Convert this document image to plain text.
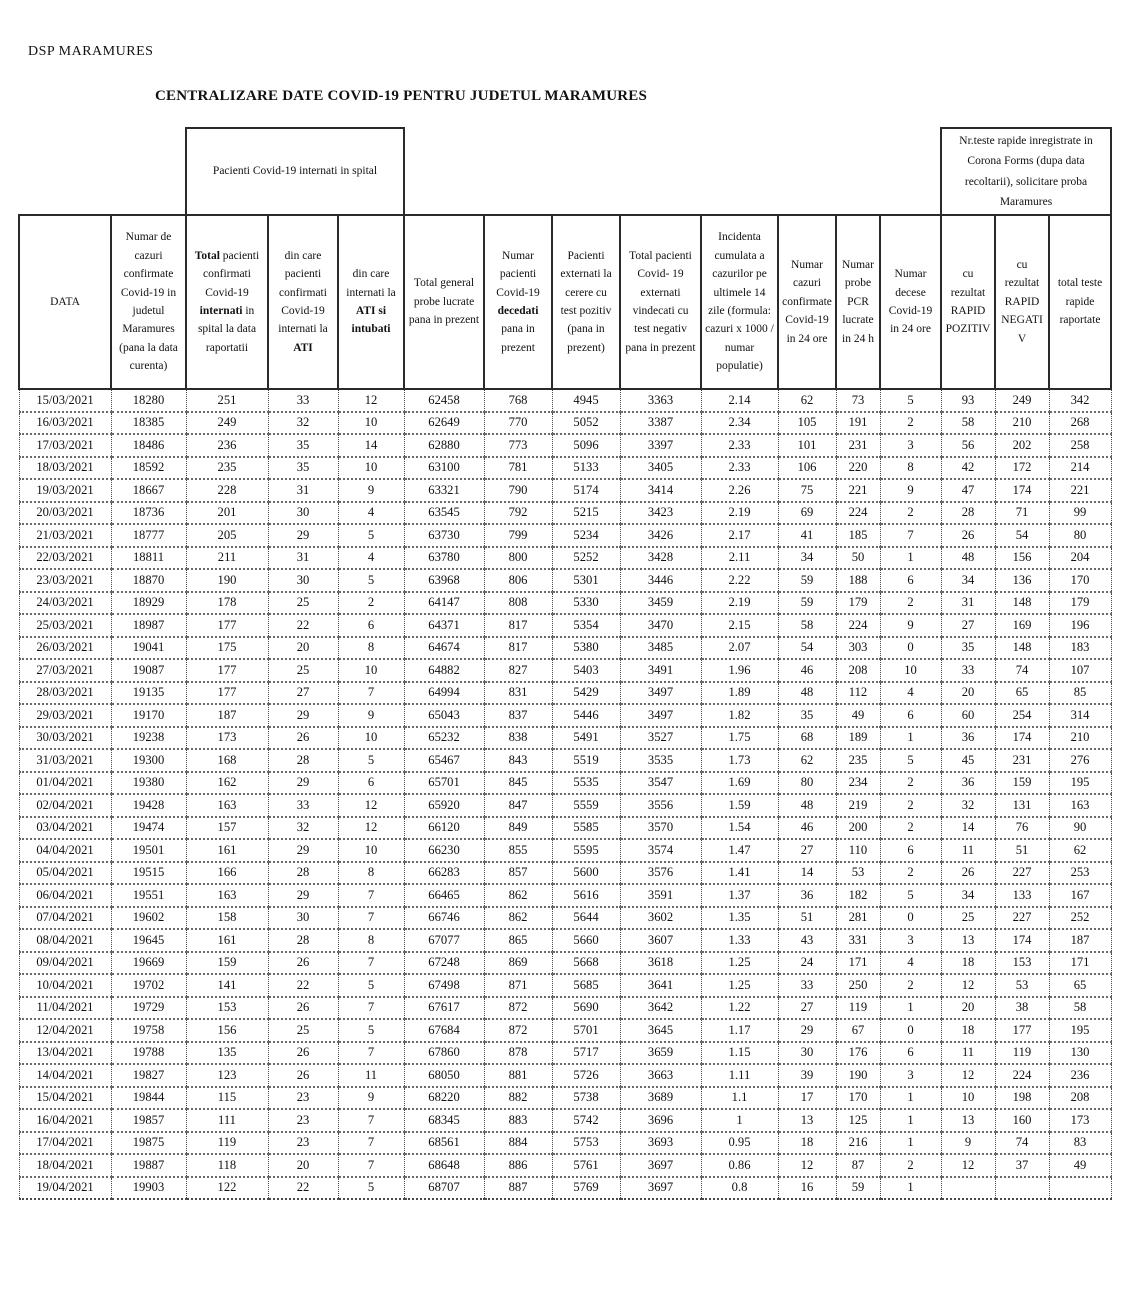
DSP MARAMURES
CENTRALIZARE DATE COVID-19 PENTRU JUDETUL MARAMURES
		Pacienti Covid-19 internati in spital											Nr.teste rapide inregistrate in Corona Forms (dupa data recoltarii), solicitare proba Maramures		
DATA	Numar de cazuri confirmate Covid-19 in judetul Maramures (pana la data curenta)	Total pacienti confirmati Covid-19 internati in spital la data raportatii	din care pacienti confirmati Covid-19 internati la ATI	din care internati la ATI si intubati	Total general probe lucrate pana in prezent	Numar pacienti Covid-19 decedati pana in prezent	Pacienti externati la cerere cu test pozitiv (pana in prezent)	Total pacienti Covid- 19 externati vindecati cu test negativ pana in prezent	Incidenta cumulata a cazurilor pe ultimele 14 zile (formula: cazuri x 1000 / numar populatie)	Numar cazuri confirmate Covid-19 in 24 ore	Numar probe PCR lucrate in 24 h	Numar decese Covid-19 in 24 ore	cu rezultat RAPID POZITIV	cu rezultat RAPID NEGATIV	total teste rapide raportate
15/03/2021	18280	251	33	12	62458	768	4945	3363	2.14	62	73	5	93	249	342
16/03/2021	18385	249	32	10	62649	770	5052	3387	2.34	105	191	2	58	210	268
17/03/2021	18486	236	35	14	62880	773	5096	3397	2.33	101	231	3	56	202	258
18/03/2021	18592	235	35	10	63100	781	5133	3405	2.33	106	220	8	42	172	214
19/03/2021	18667	228	31	9	63321	790	5174	3414	2.26	75	221	9	47	174	221
20/03/2021	18736	201	30	4	63545	792	5215	3423	2.19	69	224	2	28	71	99
21/03/2021	18777	205	29	5	63730	799	5234	3426	2.17	41	185	7	26	54	80
22/03/2021	18811	211	31	4	63780	800	5252	3428	2.11	34	50	1	48	156	204
23/03/2021	18870	190	30	5	63968	806	5301	3446	2.22	59	188	6	34	136	170
24/03/2021	18929	178	25	2	64147	808	5330	3459	2.19	59	179	2	31	148	179
25/03/2021	18987	177	22	6	64371	817	5354	3470	2.15	58	224	9	27	169	196
26/03/2021	19041	175	20	8	64674	817	5380	3485	2.07	54	303	0	35	148	183
27/03/2021	19087	177	25	10	64882	827	5403	3491	1.96	46	208	10	33	74	107
28/03/2021	19135	177	27	7	64994	831	5429	3497	1.89	48	112	4	20	65	85
29/03/2021	19170	187	29	9	65043	837	5446	3497	1.82	35	49	6	60	254	314
30/03/2021	19238	173	26	10	65232	838	5491	3527	1.75	68	189	1	36	174	210
31/03/2021	19300	168	28	5	65467	843	5519	3535	1.73	62	235	5	45	231	276
01/04/2021	19380	162	29	6	65701	845	5535	3547	1.69	80	234	2	36	159	195
02/04/2021	19428	163	33	12	65920	847	5559	3556	1.59	48	219	2	32	131	163
03/04/2021	19474	157	32	12	66120	849	5585	3570	1.54	46	200	2	14	76	90
04/04/2021	19501	161	29	10	66230	855	5595	3574	1.47	27	110	6	11	51	62
05/04/2021	19515	166	28	8	66283	857	5600	3576	1.41	14	53	2	26	227	253
06/04/2021	19551	163	29	7	66465	862	5616	3591	1.37	36	182	5	34	133	167
07/04/2021	19602	158	30	7	66746	862	5644	3602	1.35	51	281	0	25	227	252
08/04/2021	19645	161	28	8	67077	865	5660	3607	1.33	43	331	3	13	174	187
09/04/2021	19669	159	26	7	67248	869	5668	3618	1.25	24	171	4	18	153	171
10/04/2021	19702	141	22	5	67498	871	5685	3641	1.25	33	250	2	12	53	65
11/04/2021	19729	153	26	7	67617	872	5690	3642	1.22	27	119	1	20	38	58
12/04/2021	19758	156	25	5	67684	872	5701	3645	1.17	29	67	0	18	177	195
13/04/2021	19788	135	26	7	67860	878	5717	3659	1.15	30	176	6	11	119	130
14/04/2021	19827	123	26	11	68050	881	5726	3663	1.11	39	190	3	12	224	236
15/04/2021	19844	115	23	9	68220	882	5738	3689	1.1	17	170	1	10	198	208
16/04/2021	19857	111	23	7	68345	883	5742	3696	1	13	125	1	13	160	173
17/04/2021	19875	119	23	7	68561	884	5753	3693	0.95	18	216	1	9	74	83
18/04/2021	19887	118	20	7	68648	886	5761	3697	0.86	12	87	2	12	37	49
19/04/2021	19903	122	22	5	68707	887	5769	3697	0.8	16	59	1			
